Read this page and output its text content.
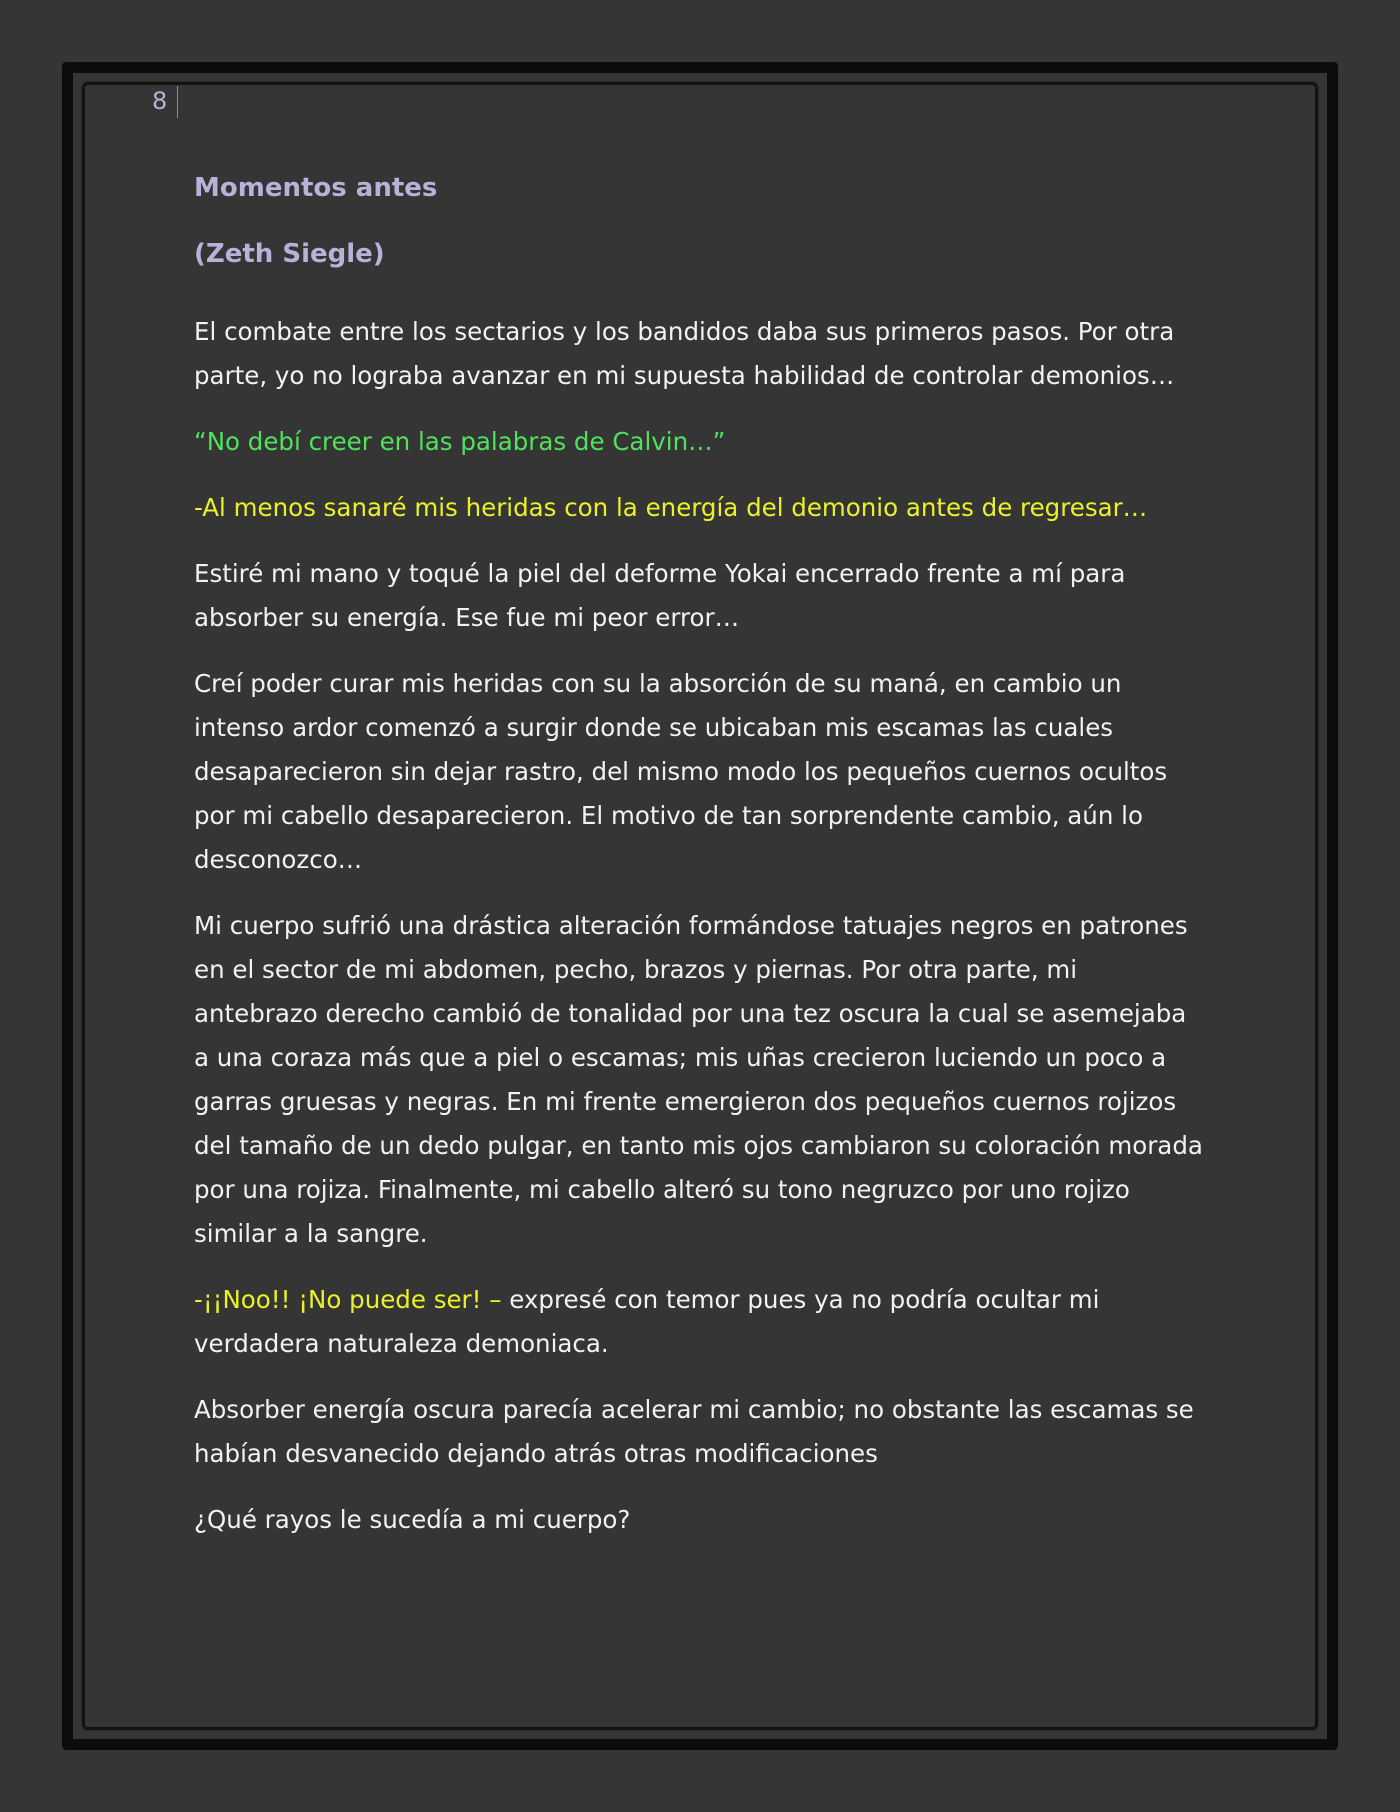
8
Momentos antes
(Zeth Siegle)

El combate entre los sectarios y los bandidos daba sus primeros pasos. Por otra parte, yo no lograba avanzar en mi supuesta habilidad de controlar demonios…

“No debí creer en las palabras de Calvin…”

-Al menos sanaré mis heridas con la energía del demonio antes de regresar…

Estiré mi mano y toqué la piel del deforme Yokai encerrado frente a mí para absorber su energía. Ese fue mi peor error…

Creí poder curar mis heridas con su la absorción de su maná, en cambio un intenso ardor comenzó a surgir donde se ubicaban mis escamas las cuales desaparecieron sin dejar rastro, del mismo modo los pequeños cuernos ocultos por mi cabello desaparecieron. El motivo de tan sorprendente cambio, aún lo desconozco…

Mi cuerpo sufrió una drástica alteración formándose tatuajes negros en patrones en el sector de mi abdomen, pecho, brazos y piernas. Por otra parte, mi antebrazo derecho cambió de tonalidad por una tez oscura la cual se asemejaba a una coraza más que a piel o escamas; mis uñas crecieron luciendo un poco a garras gruesas y negras. En mi frente emergieron dos pequeños cuernos rojizos del tamaño de un dedo pulgar, en tanto mis ojos cambiaron su coloración morada por una rojiza. Finalmente, mi cabello alteró su tono negruzco por uno rojizo similar a la sangre.

-¡¡Noo!! ¡No puede ser! – expresé con temor pues ya no podría ocultar mi verdadera naturaleza demoniaca.

Absorber energía oscura parecía acelerar mi cambio; no obstante las escamas se habían desvanecido dejando atrás otras modificaciones

¿Qué rayos le sucedía a mi cuerpo?
